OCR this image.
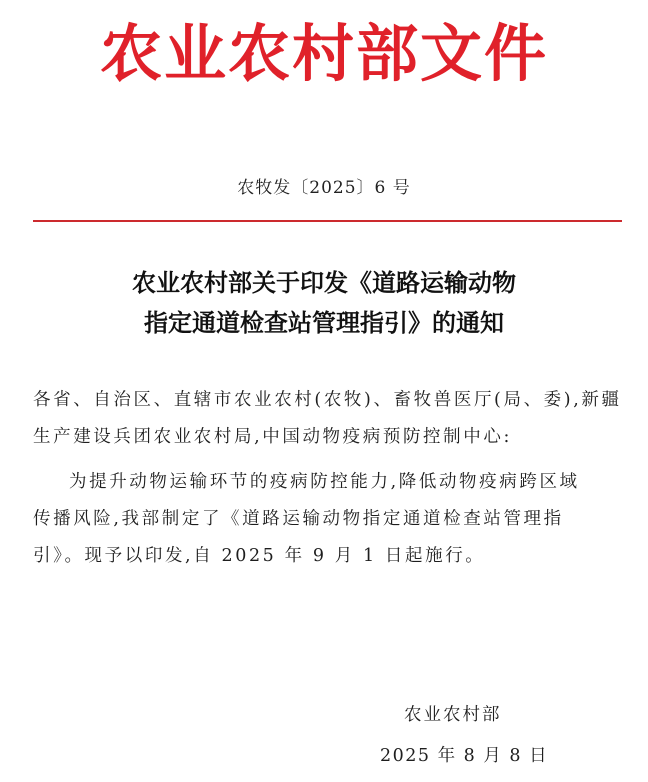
农业农村部文件
农牧发〔2025〕6 号
农业农村部关于印发《道路运输动物
指定通道检查站管理指引》的通知
各省、自治区、直辖市农业农村(农牧)、畜牧兽医厅(局、委),新疆
生产建设兵团农业农村局,中国动物疫病预防控制中心:
为提升动物运输环节的疫病防控能力,降低动物疫病跨区域
传播风险,我部制定了《道路运输动物指定通道检查站管理指
引》。现予以印发,自 2025 年 9 月 1 日起施行。
农业农村部
2025 年 8 月 8 日
